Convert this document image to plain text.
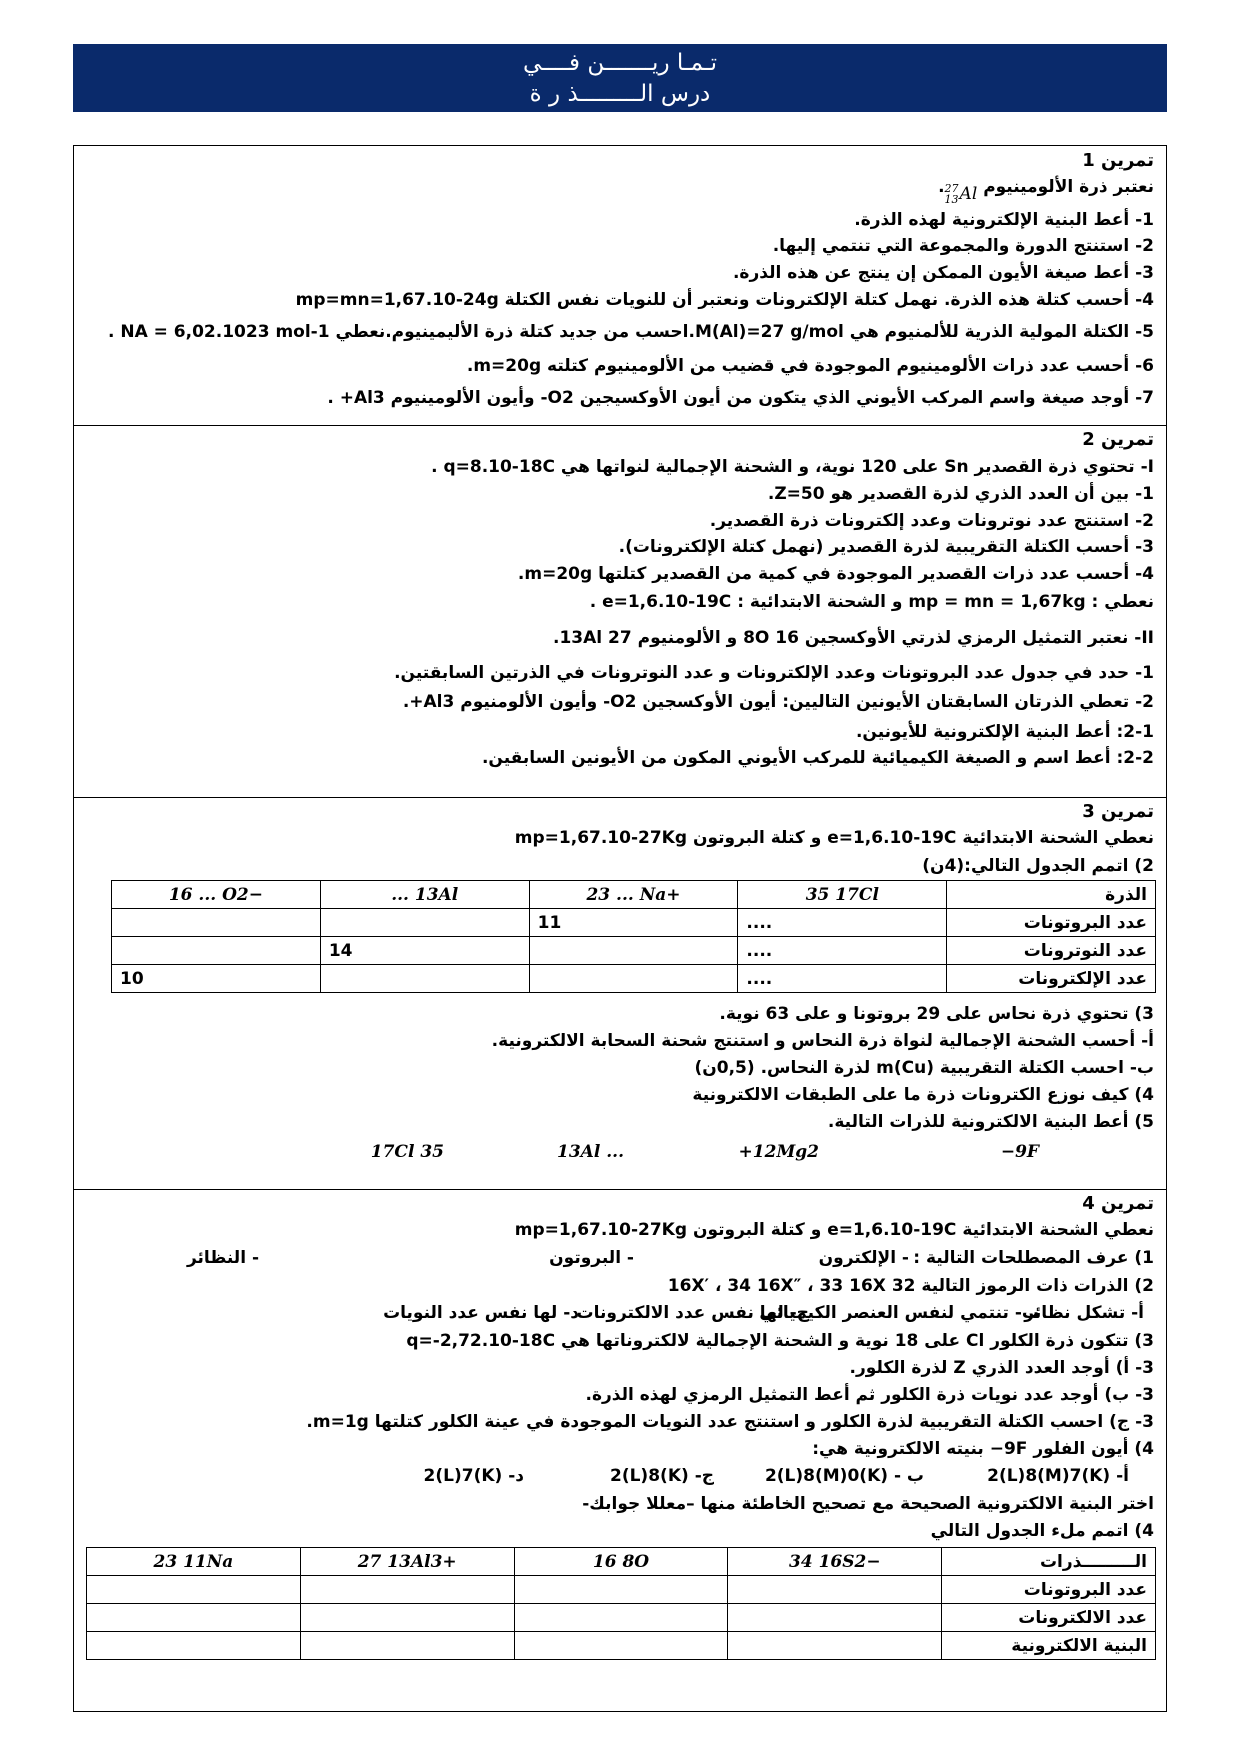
تـمـا ريـــــــن فــــي
درس الـــــــــذ ر ة
تمرين 1
نعتبر ذرة الألومينيوم
27
13 Al.
1- أعط البنية الإلكترونية لهذه الذرة.
2- استنتج الدورة والمجموعة التي تنتمي إليها.
3- أعط صيغة الأيون الممكن إن ينتج عن هذه الذرة.
4- أحسب كتلة هذه الذرة. نهمل كتلة الإلكترونات ونعتبر أن للنويات نفس الكتلة mp=mn=1,67.10-24g
5- الكتلة المولية الذرية للألمنيوم هي M(Al)=27 g/mol.احسب من جديد كتلة ذرة الأليمينيوم.نعطي NA = 6,02.1023 mol-1 .
6- أحسب عدد ذرات الألومينيوم الموجودة في قضيب من الألومينيوم كتلته m=20g.
7- أوجد صيغة واسم المركب الأيوني الذي يتكون من أيون الأوكسيجين O2- وأيون الألومينيوم Al3+ .
تمرين 2
I- تحتوي ذرة القصدير Sn على 120 نوية، و الشحنة الإجمالية لنواتها هي q=8.10-18C .
1- بين أن العدد الذري لذرة القصدير هو Z=50.
2- استنتج عدد نوترونات وعدد إلكترونات ذرة القصدير.
3- أحسب الكتلة التقريبية لذرة القصدير (نهمل كتلة الإلكترونات).
4- أحسب عدد ذرات القصدير الموجودة في كمية من القصدير كتلتها m=20g.
نعطي : mp = mn = 1,67kg و الشحنة الابتدائية : e=1,6.10-19C .
II- نعتبر التمثيل الرمزي لذرتي الأوكسجين 16 8O و الألومنيوم 27 13Al.
1- حدد في جدول عدد البروتونات وعدد الإلكترونات و عدد النوترونات في الذرتين السابقتين.
2- تعطي الذرتان السابقتان الأيونين التاليين: أيون الأوكسجين O2- وأيون الألومنيوم Al3+.
2-1: أعط البنية الإلكترونية للأيونين.
2-2: أعط اسم و الصيغة الكيميائية للمركب الأيوني المكون من الأيونين السابقين.
تمرين 3
نعطي الشحنة الابتدائية e=1,6.10-19C و كتلة البروتون mp=1,67.10-27Kg
2) اتمم الجدول التالي:(4ن)
الذرة	35 17Cl	23 ... Na+	... 13Al	16 ... O2−
عدد البروتونات	....	11		
عدد النوترونات	....		14	
عدد الإلكترونات	....			10
3) تحتوي ذرة نحاس على 29 بروتونا و على 63 نوية.
أ- أحسب الشحنة الإجمالية لنواة ذرة النحاس و استنتج شحنة السحابة الالكترونية.
ب- احسب الكتلة التقريبية m(Cu) لذرة النحاس. (0,5ن)
4) كيف نوزع الكترونات ذرة ما على الطبقات الالكترونية
5) أعط البنية الالكترونية للذرات التالية.
9F−
12Mg2+
... 13Al
35 17Cl
تمرين 4
نعطي الشحنة الابتدائية e=1,6.10-19C و كتلة البروتون mp=1,67.10-27Kg
1) عرف المصطلحات التالية :
- الإلكترون
- البروتون
- النظائر
2) الذرات ذات الرموز التالية 32 16X′ ، 34 16X″ ، 33 16X
أ- تشكل نظائر
ب- تنتمي لنفس العنصر الكيميائي
ج- لها نفس عدد الالكترونات
د- لها نفس عدد النويات
3) تتكون ذرة الكلور Cl على 18 نوية و الشحنة الإجمالية لالكتروناتها هي q=-2,72.10-18C
3- أ) أوجد العدد الذري Z لذرة الكلور.
3- ب) أوجد عدد نويات ذرة الكلور ثم أعط التمثيل الرمزي لهذه الذرة.
3- ج) احسب الكتلة التقريبية لذرة الكلور و استنتج عدد النويات الموجودة في عينة الكلور كتلتها m=1g.
4) أيون الفلور 9F− بنيته الالكترونية هي:
أ- (K)2(L)8(M)7
ب - (K)2(L)8(M)0
ج- (K)2(L)8
د- (K)2(L)7
اختر البنية الالكترونية الصحيحة مع تصحيح الخاطئة منها –معللا جوابك-
4) اتمم ملء الجدول التالي
الـــــــــذرات	34 16S2−	16 8O	27 13Al3+	23 11Na
عدد البروتونات				
عدد الالكترونات				
البنية الالكترونية				
